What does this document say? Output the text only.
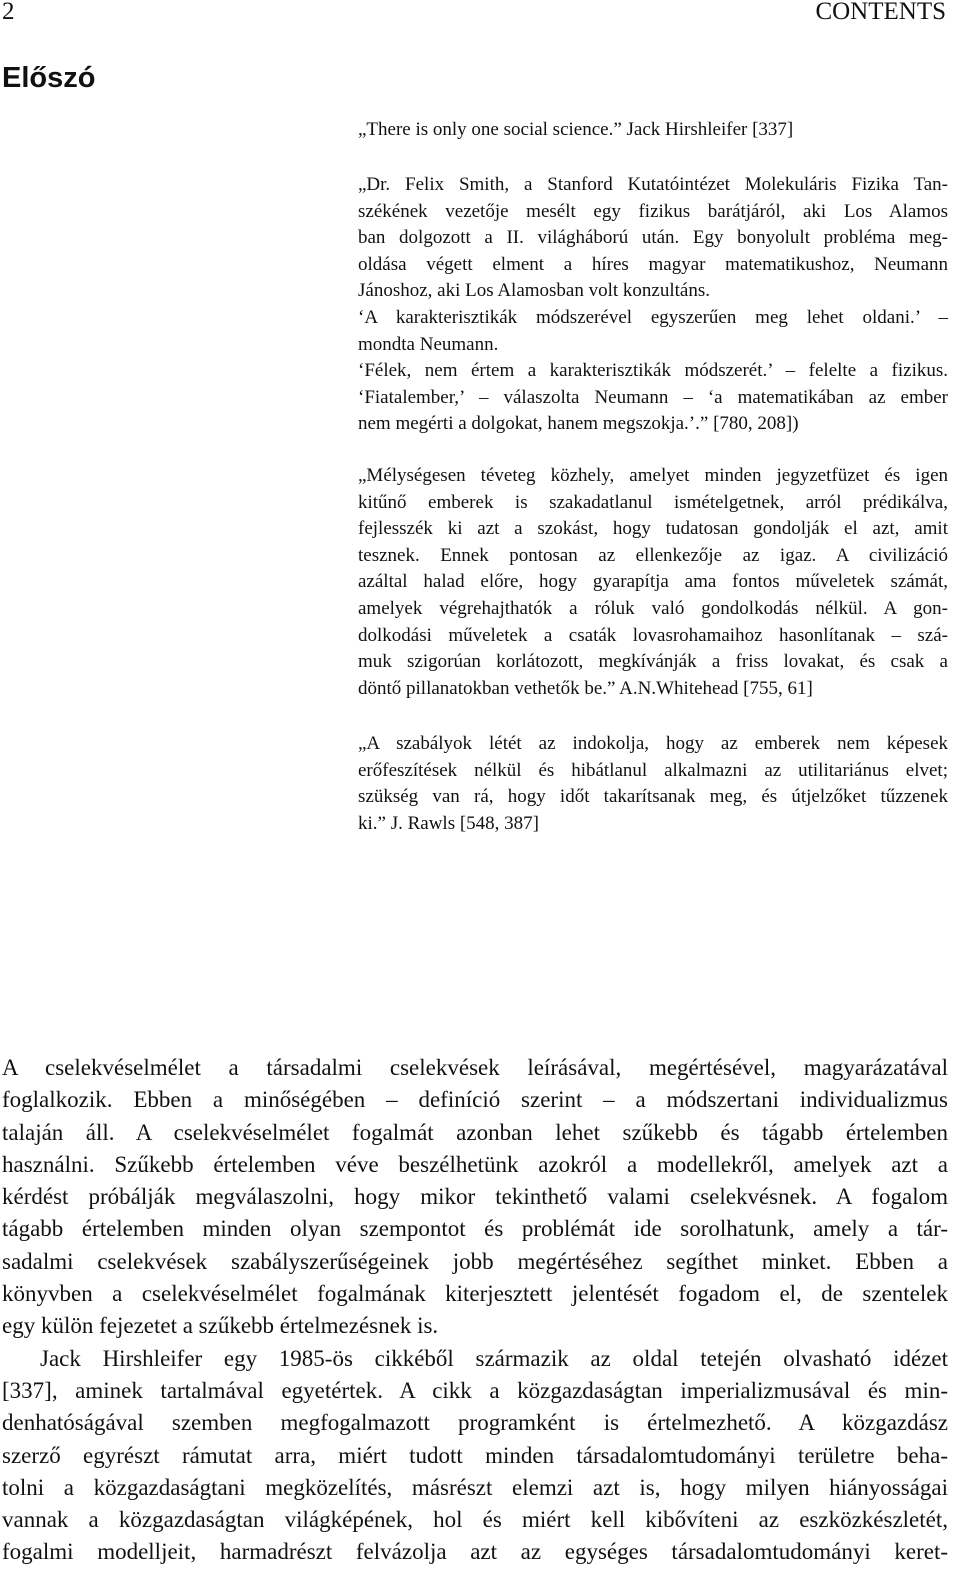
2	CONTENTS
Előszó
„There is only one social science.” Jack Hirshleifer [337]
„Dr. Felix Smith, a Stanford Kutatóintézet Molekuláris Fizika Tan-
székének vezetője mesélt egy fizikus barátjáról, aki Los Alamos
ban dolgozott a II. világháború után. Egy bonyolult probléma meg-
oldása végett elment a híres magyar matematikushoz, Neumann
Jánoshoz, aki Los Alamosban volt konzultáns.
‘A karakterisztikák módszerével egyszerűen meg lehet oldani.’ –
mondta Neumann.
‘Félek, nem értem a karakterisztikák módszerét.’ – felelte a fizikus.
‘Fiatalember,’ – válaszolta Neumann – ‘a matematikában az ember
nem megérti a dolgokat, hanem megszokja.’.” [780, 208])
„Mélységesen téveteg közhely, amelyet minden jegyzetfüzet és igen
kitűnő emberek is szakadatlanul ismételgetnek, arról prédikálva,
fejlesszék ki azt a szokást, hogy tudatosan gondolják el azt, amit
tesznek. Ennek pontosan az ellenkezője az igaz. A civilizáció
azáltal halad előre, hogy gyarapítja ama fontos műveletek számát,
amelyek végrehajthatók a róluk való gondolkodás nélkül. A gon-
dolkodási műveletek a csaták lovasrohamaihoz hasonlítanak – szá-
muk szigorúan korlátozott, megkívánják a friss lovakat, és csak a
döntő pillanatokban vethetők be.” A.N.Whitehead [755, 61]
„A szabályok létét az indokolja, hogy az emberek nem képesek
erőfeszítések nélkül és hibátlanul alkalmazni az utilitariánus elvet;
szükség van rá, hogy időt takarítsanak meg, és útjelzőket tűzzenek
ki.” J. Rawls [548, 387]
A cselekvéselmélet a társadalmi cselekvések leírásával, megértésével, magyarázatával
foglalkozik. Ebben a minőségében – definíció szerint – a módszertani individualizmus
talaján áll. A cselekvéselmélet fogalmát azonban lehet szűkebb és tágabb értelemben
használni. Szűkebb értelemben véve beszélhetünk azokról a modellekről, amelyek azt a
kérdést próbálják megválaszolni, hogy mikor tekinthető valami cselekvésnek. A fogalom
tágabb értelemben minden olyan szempontot és problémát ide sorolhatunk, amely a tár-
sadalmi cselekvések szabályszerűségeinek jobb megértéséhez segíthet minket. Ebben a
könyvben a cselekvéselmélet fogalmának kiterjesztett jelentését fogadom el, de szentelek
egy külön fejezetet a szűkebb értelmezésnek is.
Jack Hirshleifer egy 1985-ös cikkéből származik az oldal tetején olvasható idézet
[337], aminek tartalmával egyetértek. A cikk a közgazdaságtan imperializmusával és min-
denhatóságával szemben megfogalmazott programként is értelmezhető. A közgazdász
szerző egyrészt rámutat arra, miért tudott minden társadalomtudományi területre beha-
tolni a közgazdaságtani megközelítés, másrészt elemzi azt is, hogy milyen hiányosságai
vannak a közgazdaságtan világképének, hol és miért kell kibővíteni az eszközkészletét,
fogalmi modelljeit, harmadrészt felvázolja azt az egységes társadalomtudományi keret-
